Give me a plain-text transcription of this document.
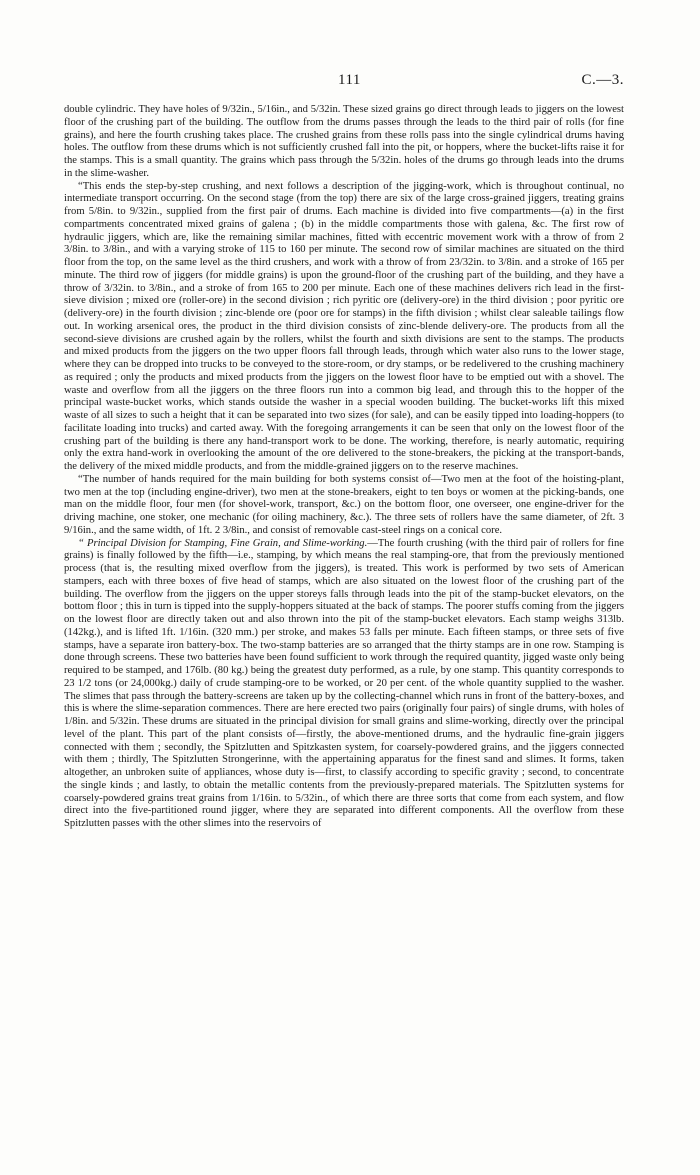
111	C.—3.

double cylindric. They have holes of 9/32in., 5/16in., and 5/32in. These sized grains go direct through leads to jiggers on the lowest floor of the crushing part of the building. The outflow from the drums passes through the leads to the third pair of rolls (for fine grains), and here the fourth crushing takes place. The crushed grains from these rolls pass into the single cylindrical drums having holes. The outflow from these drums which is not sufficiently crushed fall into the pit, or hoppers, where the bucket-lifts raise it for the stamps. This is a small quantity. The grains which pass through the 5/32in. holes of the drums go through leads into the drums in the slime-washer.

“This ends the step-by-step crushing, and next follows a description of the jigging-work, which is throughout continual, no intermediate transport occurring. On the second stage (from the top) there are six of the large cross-grained jiggers, treating grains from 5/8in. to 9/32in., supplied from the first pair of drums. Each machine is divided into five compartments—(a) in the first compartments concentrated mixed grains of galena ; (b) in the middle compartments those with galena, &c. The first row of hydraulic jiggers, which are, like the remaining similar machines, fitted with eccentric movement work with a throw of from 2 3/8in. to 3/8in., and with a varying stroke of 115 to 160 per minute. The second row of similar machines are situated on the third floor from the top, on the same level as the third crushers, and work with a throw of from 23/32in. to 3/8in. and a stroke of 165 per minute. The third row of jiggers (for middle grains) is upon the ground-floor of the crushing part of the building, and they have a throw of 3/32in. to 3/8in., and a stroke of from 165 to 200 per minute. Each one of these machines delivers rich lead in the first-sieve division ; mixed ore (roller-ore) in the second division ; rich pyritic ore (delivery-ore) in the third division ; poor pyritic ore (delivery-ore) in the fourth division ; zinc-blende ore (poor ore for stamps) in the fifth division ; whilst clear saleable tailings flow out. In working arsenical ores, the product in the third division consists of zinc-blende delivery-ore. The products from all the second-sieve divisions are crushed again by the rollers, whilst the fourth and sixth divisions are sent to the stamps. The products and mixed products from the jiggers on the two upper floors fall through leads, through which water also runs to the lower stage, where they can be dropped into trucks to be conveyed to the store-room, or dry stamps, or be redelivered to the crushing machinery as required ; only the products and mixed products from the jiggers on the lowest floor have to be emptied out with a shovel. The waste and overflow from all the jiggers on the three floors run into a common big lead, and through this to the hopper of the principal waste-bucket works, which stands outside the washer in a special wooden building. The bucket-works lift this mixed waste of all sizes to such a height that it can be separated into two sizes (for sale), and can be easily tipped into loading-hoppers (to facilitate loading into trucks) and carted away. With the foregoing arrangements it can be seen that only on the lowest floor of the crushing part of the building is there any hand-transport work to be done. The working, therefore, is nearly automatic, requiring only the extra hand-work in overlooking the amount of the ore delivered to the stone-breakers, the picking at the transport-bands, the delivery of the mixed middle products, and from the middle-grained jiggers on to the reserve machines.

“The number of hands required for the main building for both systems consist of—Two men at the foot of the hoisting-plant, two men at the top (including engine-driver), two men at the stone-breakers, eight to ten boys or women at the picking-bands, one man on the middle floor, four men (for shovel-work, transport, &c.) on the bottom floor, one overseer, one engine-driver for the driving machine, one stoker, one mechanic (for oiling machinery, &c.). The three sets of rollers have the same diameter, of 2ft. 3 9/16in., and the same width, of 1ft. 2 3/8in., and consist of removable cast-steel rings on a conical core.

“ Principal Division for Stamping, Fine Grain, and Slime-working.—The fourth crushing (with the third pair of rollers for fine grains) is finally followed by the fifth—i.e., stamping, by which means the real stamping-ore, that from the previously mentioned process (that is, the resulting mixed overflow from the jiggers), is treated. This work is performed by two sets of American stampers, each with three boxes of five head of stamps, which are also situated on the lowest floor of the crushing part of the building. The overflow from the jiggers on the upper storeys falls through leads into the pit of the stamp-bucket elevators, on the bottom floor ; this in turn is tipped into the supply-hoppers situated at the back of stamps. The poorer stuffs coming from the jiggers on the lowest floor are directly taken out and also thrown into the pit of the stamp-bucket elevators. Each stamp weighs 313lb. (142kg.), and is lifted 1ft. 1/16in. (320 mm.) per stroke, and makes 53 falls per minute. Each fifteen stamps, or three sets of five stamps, have a separate iron battery-box. The two-stamp batteries are so arranged that the thirty stamps are in one row. Stamping is done through screens. These two batteries have been found sufficient to work through the required quantity, jigged waste only being required to be stamped, and 176lb. (80 kg.) being the greatest duty performed, as a rule, by one stamp. This quantity corresponds to 23 1/2 tons (or 24,000kg.) daily of crude stamping-ore to be worked, or 20 per cent. of the whole quantity supplied to the washer. The slimes that pass through the battery-screens are taken up by the collecting-channel which runs in front of the battery-boxes, and this is where the slime-separation commences. There are here erected two pairs (originally four pairs) of single drums, with holes of 1/8in. and 5/32in. These drums are situated in the principal division for small grains and slime-working, directly over the principal level of the plant. This part of the plant consists of—firstly, the above-mentioned drums, and the hydraulic fine-grain jiggers connected with them ; secondly, the Spitzlutten and Spitzkasten system, for coarsely-powdered grains, and the jiggers connected with them ; thirdly, The Spitzlutten Strongerinne, with the appertaining apparatus for the finest sand and slimes. It forms, taken altogether, an unbroken suite of appliances, whose duty is—first, to classify according to specific gravity ; second, to concentrate the single kinds ; and lastly, to obtain the metallic contents from the previously-prepared materials. The Spitzlutten systems for coarsely-powdered grains treat grains from 1/16in. to 5/32in., of which there are three sorts that come from each system, and flow direct into the five-partitioned round jigger, where they are separated into different components. All the overflow from these Spitzlutten passes with the other slimes into the reservoirs of
